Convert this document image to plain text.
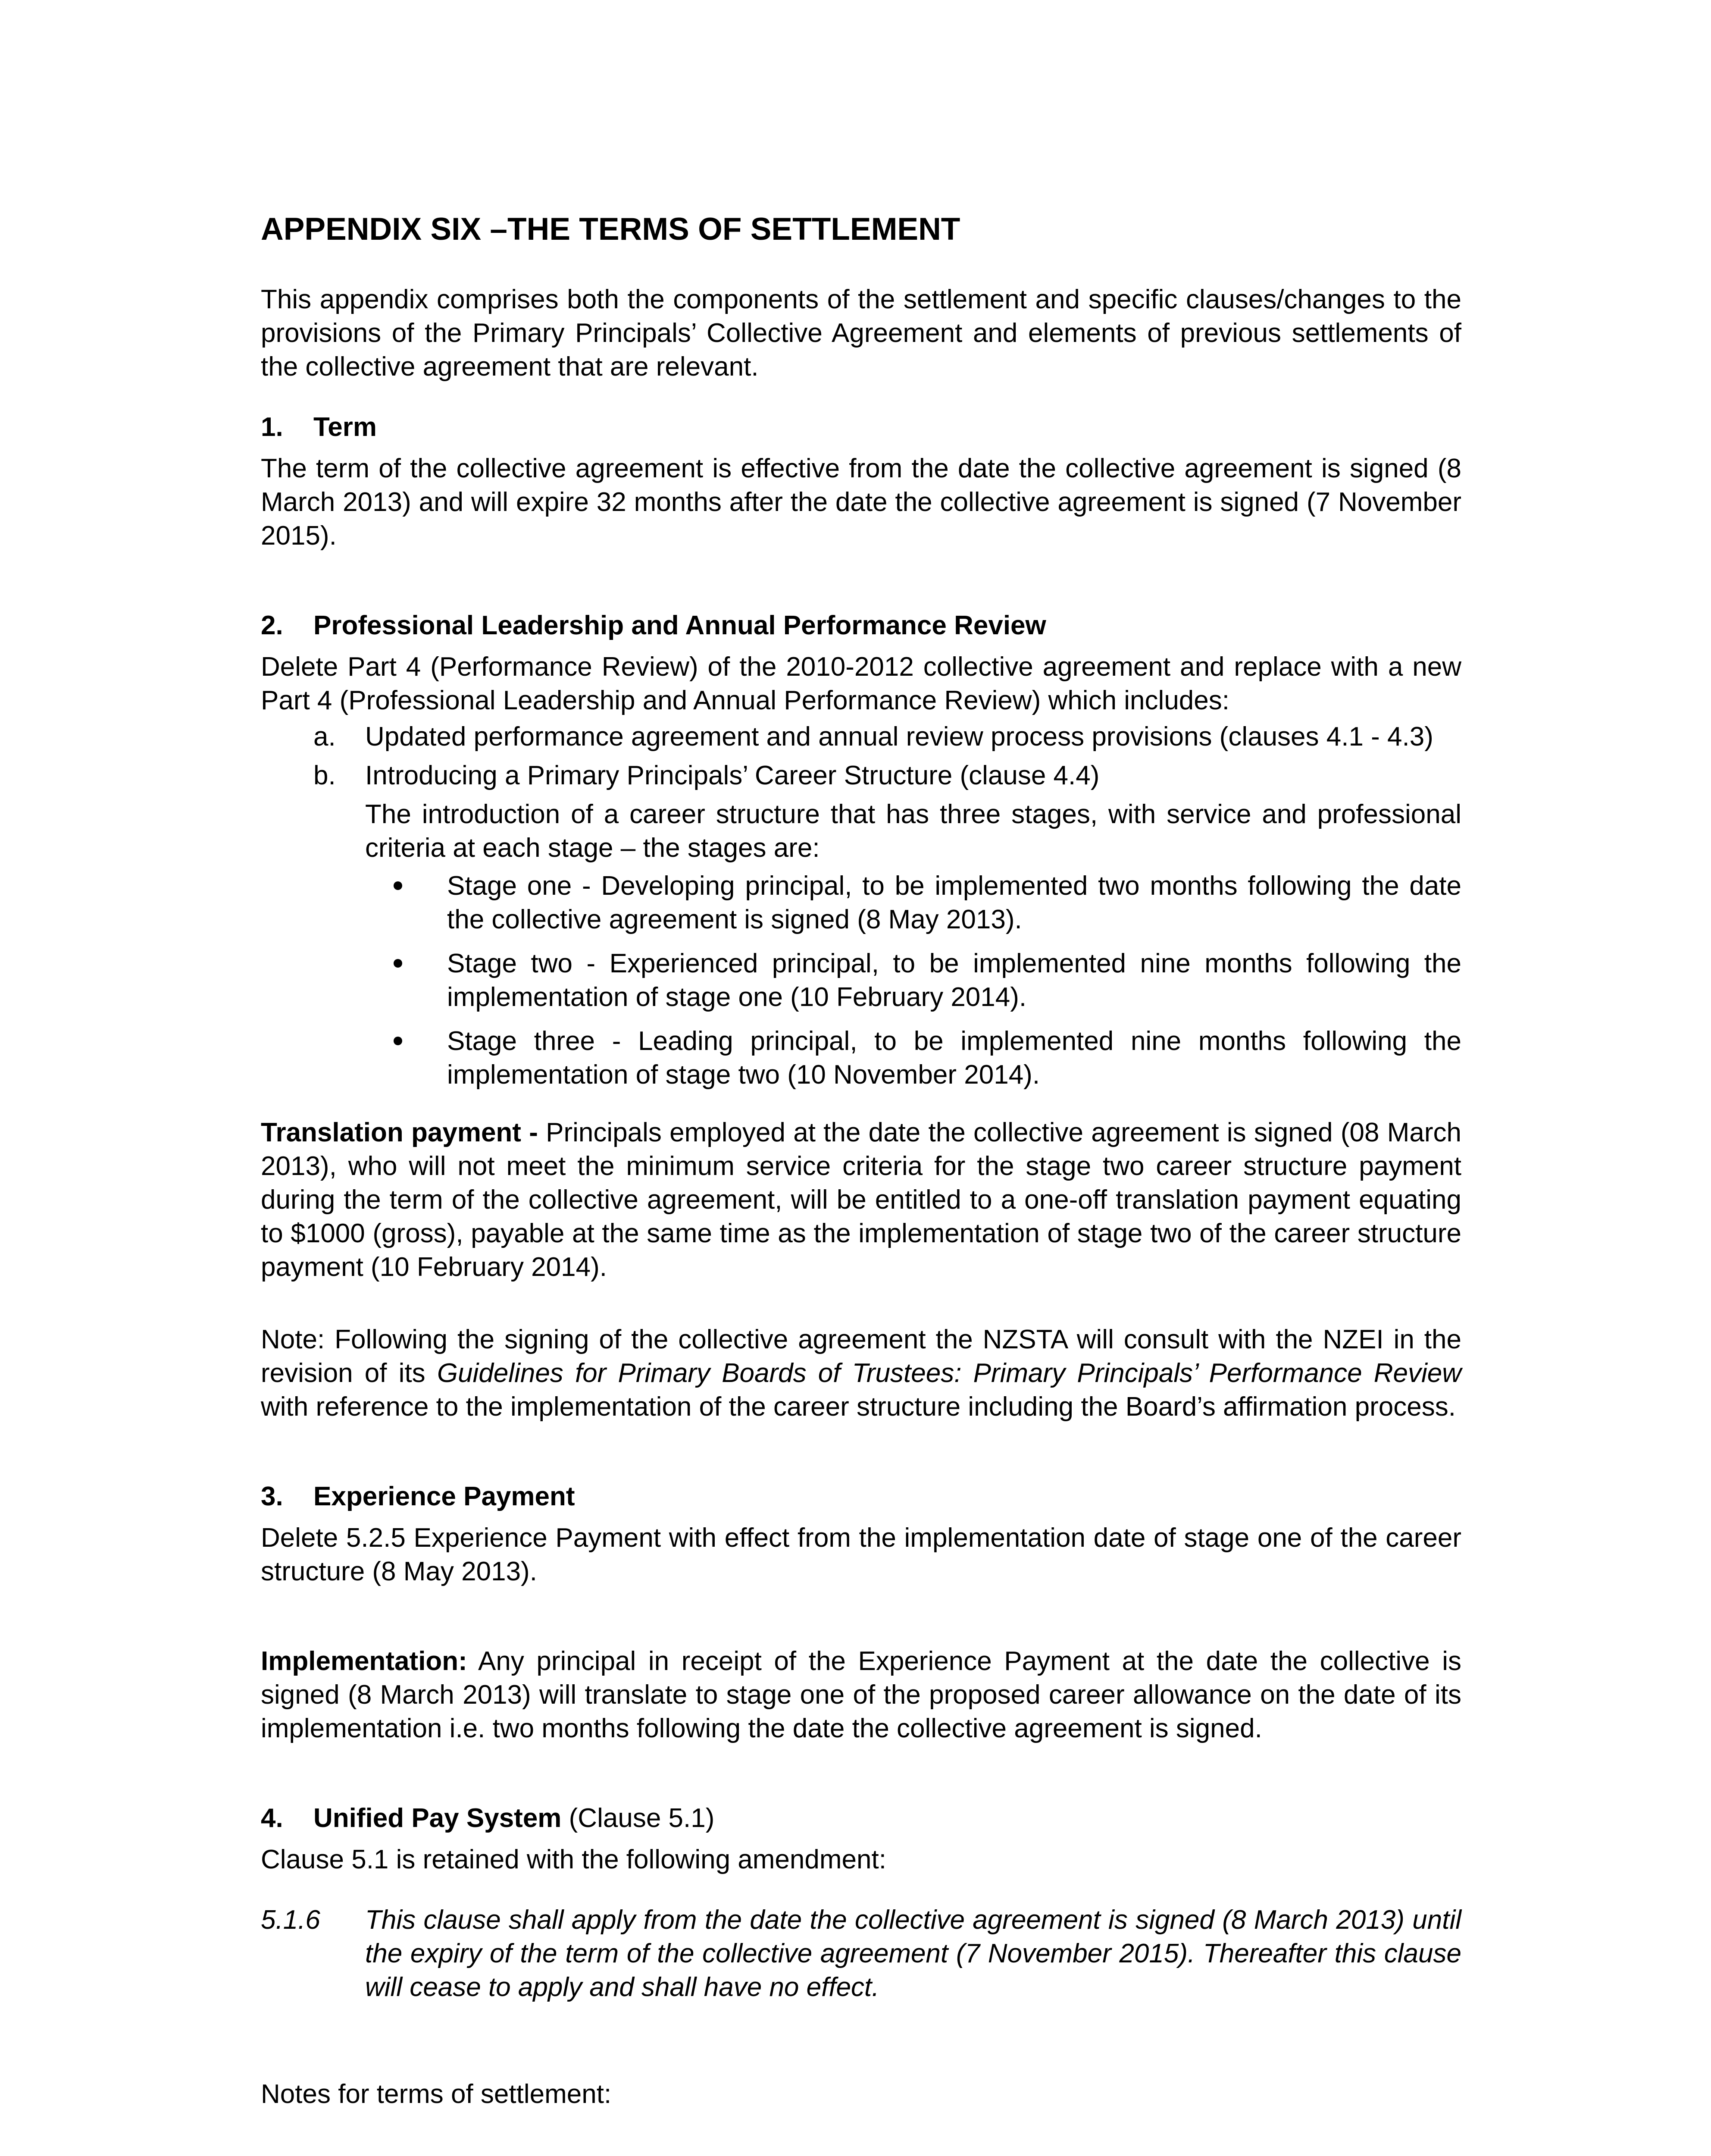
APPENDIX SIX –THE TERMS OF SETTLEMENT

This appendix comprises both the components of the settlement and specific clauses/changes to the provisions of the Primary Principals’ Collective Agreement and elements of previous settlements of the collective agreement that are relevant.

1. Term

The term of the collective agreement is effective from the date the collective agreement is signed (8 March 2013) and will expire 32 months after the date the collective agreement is signed (7 November 2015).

2. Professional Leadership and Annual Performance Review

Delete Part 4 (Performance Review) of the 2010-2012 collective agreement and replace with a new Part 4 (Professional Leadership and Annual Performance Review) which includes:

a. Updated performance agreement and annual review process provisions (clauses 4.1 - 4.3)
b. Introducing a Primary Principals’ Career Structure (clause 4.4)

The introduction of a career structure that has three stages, with service and professional criteria at each stage – the stages are:

Stage one - Developing principal, to be implemented two months following the date the collective agreement is signed (8 May 2013).
Stage two - Experienced principal, to be implemented nine months following the implementation of stage one (10 February 2014).
Stage three - Leading principal, to be implemented nine months following the implementation of stage two (10 November 2014).

Translation payment - Principals employed at the date the collective agreement is signed (08 March 2013), who will not meet the minimum service criteria for the stage two career structure payment during the term of the collective agreement, will be entitled to a one-off translation payment equating to $1000 (gross), payable at the same time as the implementation of stage two of the career structure payment (10 February 2014).

Note: Following the signing of the collective agreement the NZSTA will consult with the NZEI in the revision of its Guidelines for Primary Boards of Trustees: Primary Principals’ Performance Review with reference to the implementation of the career structure including the Board’s affirmation process.

3. Experience Payment

Delete 5.2.5 Experience Payment with effect from the implementation date of stage one of the career structure (8 May 2013).

Implementation: Any principal in receipt of the Experience Payment at the date the collective is signed (8 March 2013) will translate to stage one of the proposed career allowance on the date of its implementation i.e. two months following the date the collective agreement is signed.

4. Unified Pay System (Clause 5.1)

Clause 5.1 is retained with the following amendment:

5.1.6 This clause shall apply from the date the collective agreement is signed (8 March 2013) until the expiry of the term of the collective agreement (7 November 2015). Thereafter this clause will cease to apply and shall have no effect.

Notes for terms of settlement:
